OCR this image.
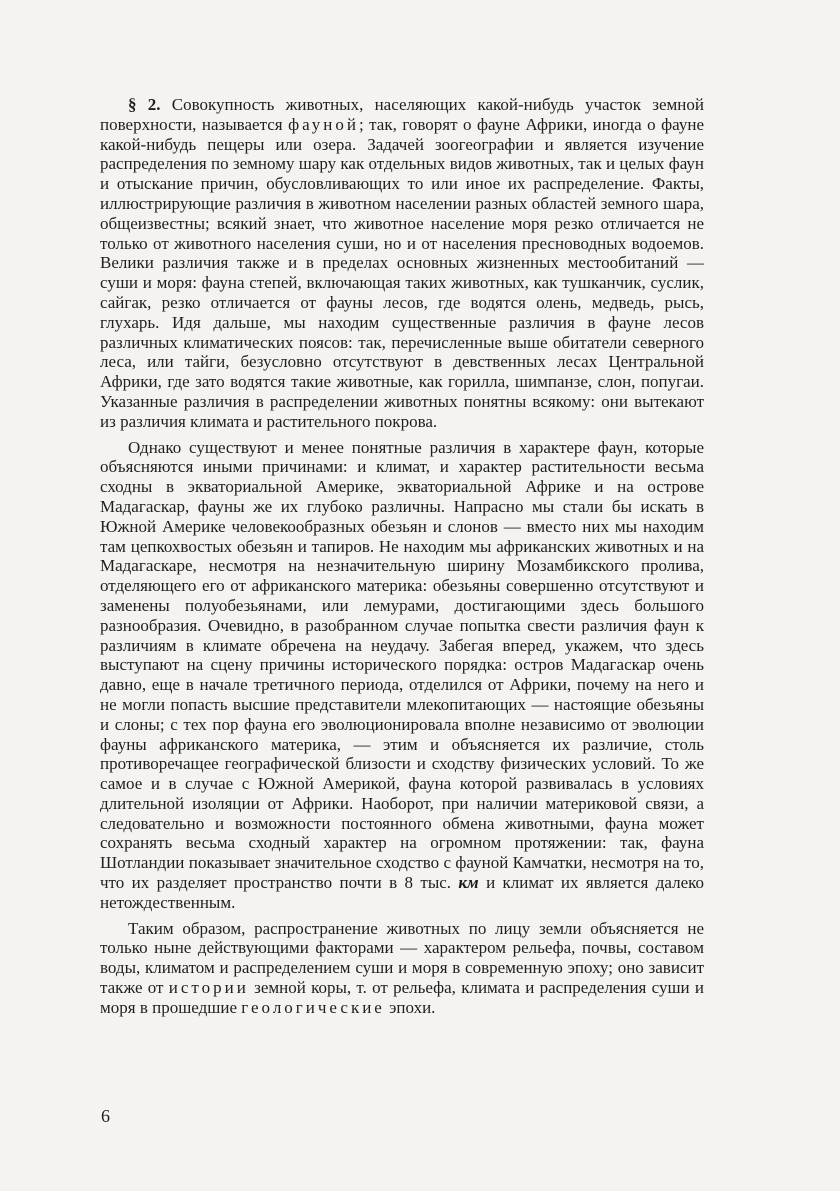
§ 2. Совокупность животных, населяющих какой-нибудь участок земной поверхности, называется фауной; так, говорят о фауне Африки, иногда о фауне какой-нибудь пещеры или озера. Задачей зоогеографии и является изучение распределения по земному шару как отдельных видов животных, так и целых фаун и отыскание причин, обусловливающих то или иное их распределение. Факты, иллюстрирующие различия в животном населении разных областей земного шара, общеизвестны; всякий знает, что животное население моря резко отличается не только от животного населения суши, но и от населения пресноводных водоемов. Велики различия также и в пределах основных жизненных местообитаний — суши и моря: фауна степей, включающая таких животных, как тушканчик, суслик, сайгак, резко отличается от фауны лесов, где водятся олень, медведь, рысь, глухарь. Идя дальше, мы находим существенные различия в фауне лесов различных климатических поясов: так, перечисленные выше обитатели северного леса, или тайги, безусловно отсутствуют в девственных лесах Центральной Африки, где зато водятся такие животные, как горилла, шимпанзе, слон, попугаи. Указанные различия в распределении животных понятны всякому: они вытекают из различия климата и растительного покрова.

Однако существуют и менее понятные различия в характере фаун, которые объясняются иными причинами: и климат, и характер растительности весьма сходны в экваториальной Америке, экваториальной Африке и на острове Мадагаскар, фауны же их глубоко различны. Напрасно мы стали бы искать в Южной Америке человекообразных обезьян и слонов — вместо них мы находим там цепкохвостых обезьян и тапиров. Не находим мы африканских животных и на Мадагаскаре, несмотря на незначительную ширину Мозамбикского пролива, отделяющего его от африканского материка: обезьяны совершенно отсутствуют и заменены полуобезьянами, или лемурами, достигающими здесь большого разнообразия. Очевидно, в разобранном случае попытка свести различия фаун к различиям в климате обречена на неудачу. Забегая вперед, укажем, что здесь выступают на сцену причины исторического порядка: остров Мадагаскар очень давно, еще в начале третичного периода, отделился от Африки, почему на него и не могли попасть высшие представители млекопитающих — настоящие обезьяны и слоны; с тех пор фауна его эволюционировала вполне независимо от эволюции фауны африканского материка, — этим и объясняется их различие, столь противоречащее географической близости и сходству физических условий. То же самое и в случае с Южной Америкой, фауна которой развивалась в условиях длительной изоляции от Африки. Наоборот, при наличии материковой связи, а следовательно и возможности постоянного обмена животными, фауна может сохранять весьма сходный характер на огромном протяжении: так, фауна Шотландии показывает значительное сходство с фауной Камчатки, несмотря на то, что их разделяет пространство почти в 8 тыс. км и климат их является далеко нетождественным.

Таким образом, распространение животных по лицу земли объясняется не только ныне действующими факторами — характером рельефа, почвы, составом воды, климатом и распределением суши и моря в современную эпоху; оно зависит также от истории земной коры, т. от рельефа, климата и распределения суши и моря в прошедшие геологические эпохи.

6
